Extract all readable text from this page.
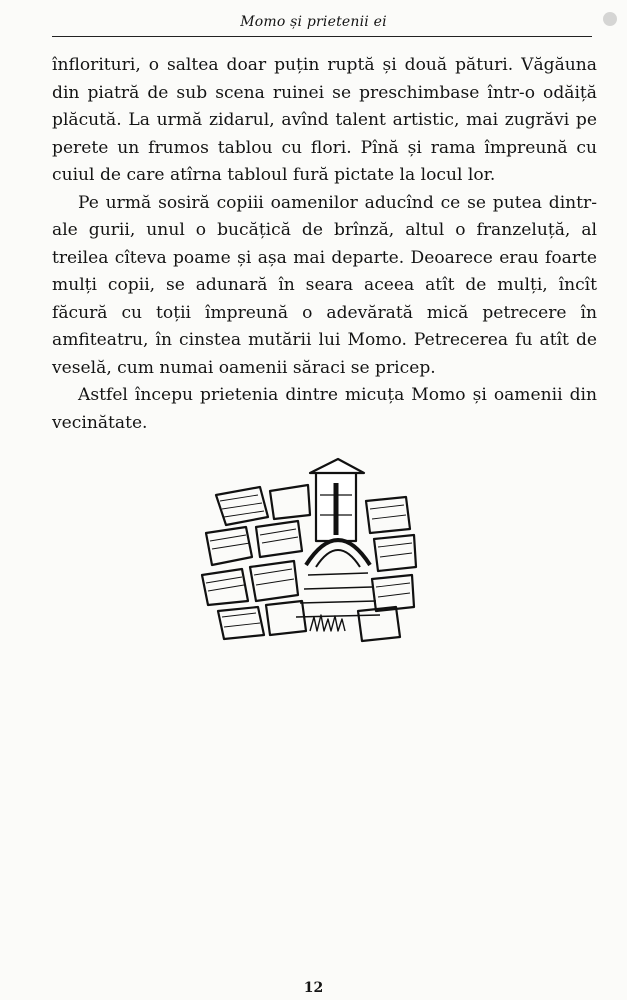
Momo și prietenii ei

înflorituri, o saltea doar puțin ruptă și două pături. Văgăuna din piatră de sub scena ruinei se preschimbase într-o odăiță plăcută. La urmă zidarul, avînd talent artistic, mai zugrăvi pe perete un frumos tablou cu flori. Pînă și rama împreună cu cuiul de care atîrna tabloul fură pictate la locul lor.

Pe urmă sosiră copiii oamenilor aducînd ce se putea dintr-ale gurii, unul o bucățică de brînză, altul o franzeluță, al treilea cîteva poame și așa mai departe. Deoarece erau foarte mulți copii, se adunară în seara aceea atît de mulți, încît făcură cu toții împreună o adevărată mică petrecere în amfiteatru, în cinstea mutării lui Momo. Petrecerea fu atît de veselă, cum numai oamenii săraci se pricep.

Astfel începu prietenia dintre micuța Momo și oamenii din vecinătate.

12
